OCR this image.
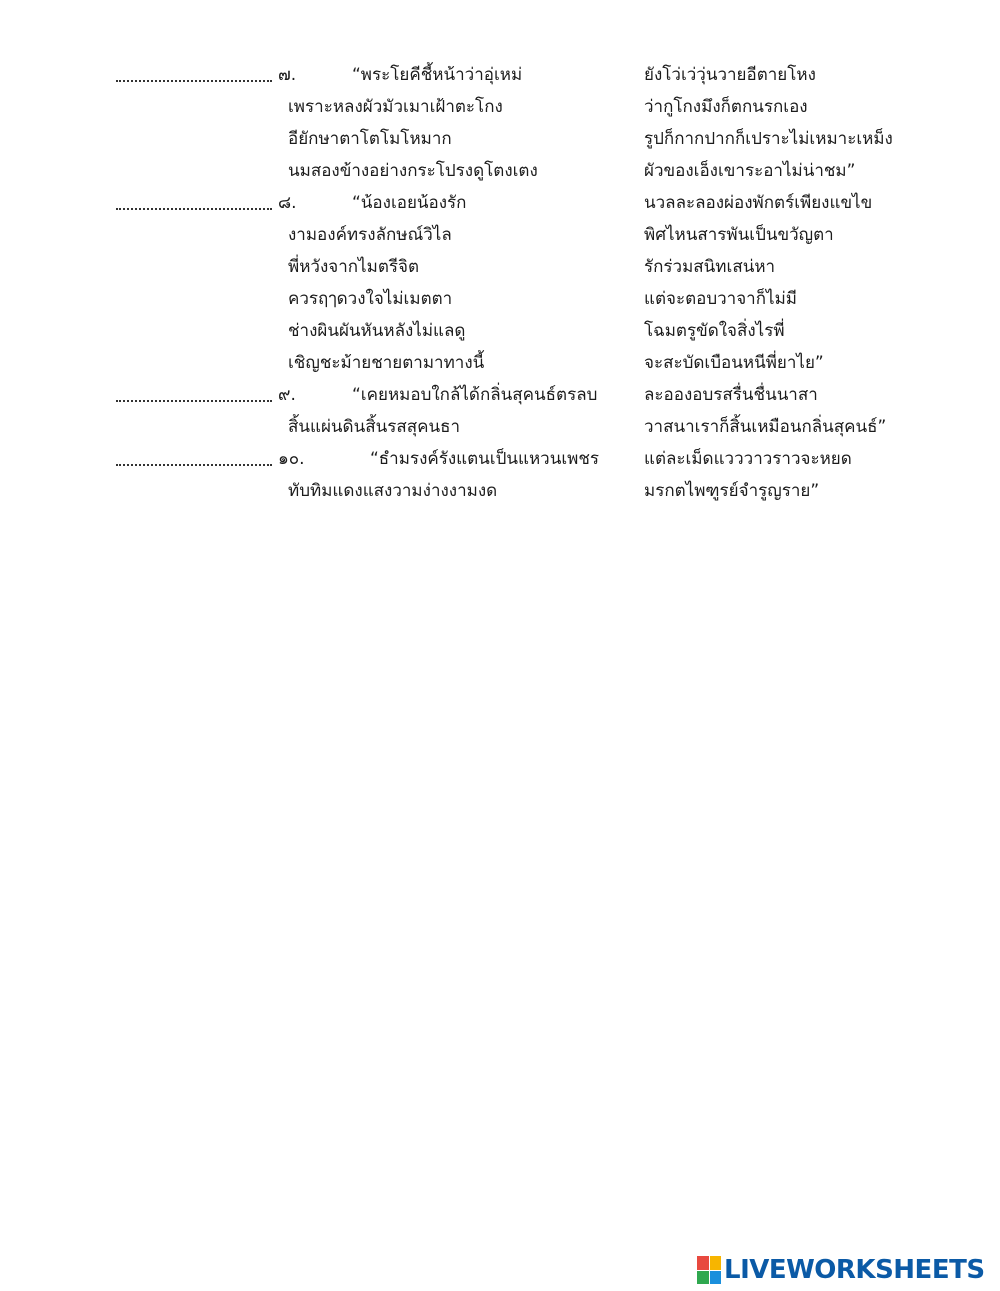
๗.	“พระโยคีชี้หน้าว่าอุ่เหม่	ยังโว่เว่วุ่นวายอีตายโหง
เพราะหลงผัวมัวเมาเฝ้าตะโกง	ว่ากูโกงมึงก็ตกนรกเอง
อียักษาตาโตโมโหมาก	รูปก็กากปากก็เปราะไม่เหมาะเหม็ง
นมสองข้างอย่างกระโปรงดูโตงเตง	ผัวของเอ็งเขาระอาไม่น่าชม”
๘.	“น้องเอยน้องรัก	นวลละลองผ่องพักตร์เพียงแขไข
งามองค์ทรงลักษณ์วิไล	พิศไหนสารพันเป็นขวัญตา
พี่หวังจากไมตรีจิต	รักร่วมสนิทเสน่หา
ควรฤๅดวงใจไม่เมตตา	แต่จะตอบวาจาก็ไม่มี
ช่างผินผันหันหลังไม่แลดู	โฉมตรูขัดใจสิ่งไรพี่
เชิญชะม้ายชายตามาทางนี้	จะสะบัดเบือนหนีพี่ยาไย”
๙.	“เคยหมอบใกล้ได้กลิ่นสุคนธ์ตรลบ	ละอองอบรสรื่นชื่นนาสา
สิ้นแผ่นดินสิ้นรสสุคนธา	วาสนาเราก็สิ้นเหมือนกลิ่นสุคนธ์”
๑๐.	“ธำมรงค์รังแตนเป็นแหวนเพชร	แต่ละเม็ดแวววาวราวจะหยด
ทับทิมแดงแสงวามง่างงามงด	มรกตไพฑูรย์จำรูญราย”
LIVEWORKSHEETS
